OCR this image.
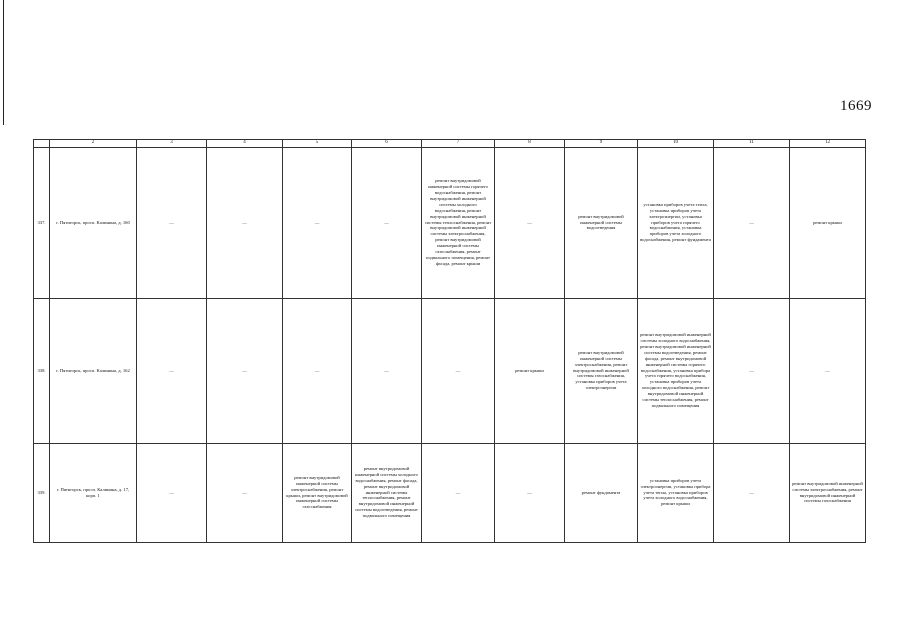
1669
	2	3	4	5	6	7	8	9	10	11	12
337.	г. Пятигорск, просп. Калинина, д. 160	—	—	—	—	ремонт внутридомовой инженерной системы горячего водоснабжения, ремонт внутридомовой инженерной системы холодного водоснабжения, ремонт внутридомовой инженерной системы теплоснабжения, ремонт внутридомовой инженерной системы электроснабжения, ремонт внутридомовой инженерной системы газоснабжения, ремонт подвального помещения, ремонт фасада, ремонт крыши	—	ремонт внутридомовой инженерной системы водоотведения	установка приборов учета тепла, установка приборов учета электроэнергии, установка приборов учета горячего водоснабжения, установка приборов учета холодного водоснабжения, ремонт фундамента	—	ремонт крыши
338.	г. Пятигорск, просп. Калинина, д. 162	—	—	—	—	—	ремонт крыши	ремонт внутридомовой инженерной системы электроснабжения, ремонт внутридомовой инженерной системы газоснабжения, установка приборов учета электроэнергии	ремонт внутридомовой инженерной системы холодного водоснабжения, ремонт внутридомовой инженерной системы водоотведения, ремонт фасада, ремонт внутридомовой инженерной системы горячего водоснабжения, установка прибора учета горячего водоснабжения, установка приборов учета холодного водоснабжения, ремонт внутридомовой инженерной системы теплоснабжения, ремонт подвального помещения	—	—
339.	г. Пятигорск, просп. Калинина, д. 17, корп. 1	—	—	ремонт внутридомовой инженерной системы электроснабжения, ремонт крыши, ремонт внутридомовой инженерной системы газоснабжения	ремонт внутридомовой инженерной системы холодного водоснабжения, ремонт фасада, ремонт внутридомовой инженерной системы теплоснабжения, ремонт внутридомовой инженерной системы водоотведения, ремонт подвального помещения	—	—	ремонт фундамента	установка приборов учета электроэнергии, установка прибора учета тепла, установка приборов учета холодного водоснабжения, ремонт крыши	—	ремонт внутридомовой инженерной системы электроснабжения, ремонт внутридомовой инженерной системы газоснабжения
